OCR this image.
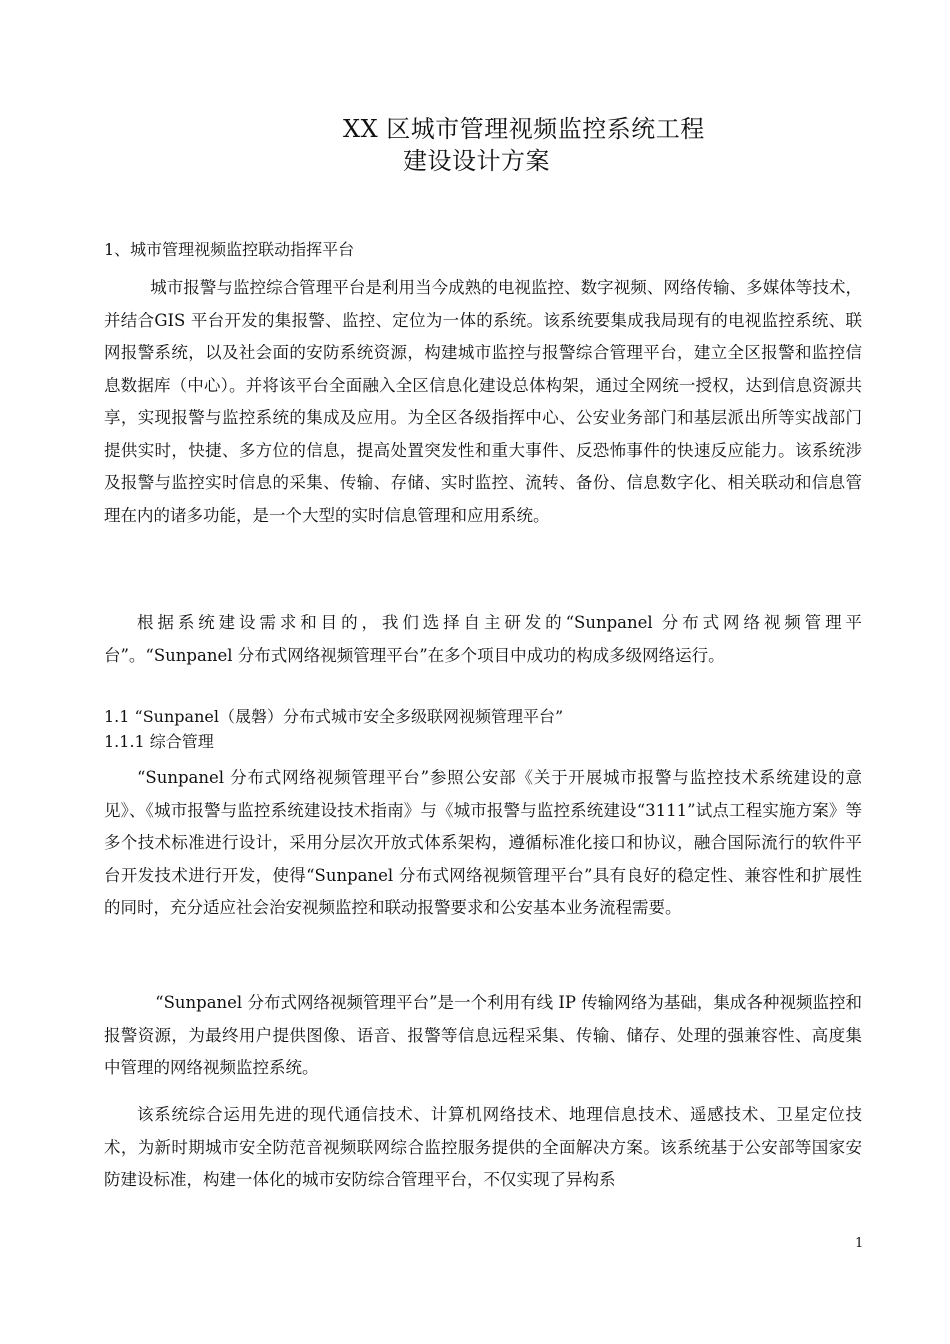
XX 区城市管理视频监控系统工程
建设设计方案
1、城市管理视频监控联动指挥平台

城市报警与监控综合管理平台是利用当今成熟的电视监控、数字视频、网络传输、多媒体等技术，并结合GIS 平台开发的集报警、监控、定位为一体的系统。该系统要集成我局现有的电视监控系统、联网报警系统，以及社会面的安防系统资源，构建城市监控与报警综合管理平台，建立全区报警和监控信息数据库（中心）。并将该平台全面融入全区信息化建设总体构架，通过全网统一授权，达到信息资源共享，实现报警与监控系统的集成及应用。为全区各级指挥中心、公安业务部门和基层派出所等实战部门提供实时，快捷、多方位的信息，提高处置突发性和重大事件、反恐怖事件的快速反应能力。该系统涉及报警与监控实时信息的采集、传输、存储、实时监控、流转、备份、信息数字化、相关联动和信息管理在内的诸多功能，是一个大型的实时信息管理和应用系统。

根据系统建设需求和目的，我们选择自主研发的“Sunpanel 分布式网络视频管理平台”。“Sunpanel 分布式网络视频管理平台”在多个项目中成功的构成多级网络运行。

1.1 “Sunpanel（晟磐）分布式城市安全多级联网视频管理平台”
1.1.1 综合管理

“Sunpanel 分布式网络视频管理平台”参照公安部《关于开展城市报警与监控技术系统建设的意见》、《城市报警与监控系统建设技术指南》与《城市报警与监控系统建设“3111”试点工程实施方案》等多个技术标准进行设计，采用分层次开放式体系架构，遵循标准化接口和协议，融合国际流行的软件平台开发技术进行开发，使得“Sunpanel 分布式网络视频管理平台”具有良好的稳定性、兼容性和扩展性的同时，充分适应社会治安视频监控和联动报警要求和公安基本业务流程需要。

“Sunpanel 分布式网络视频管理平台”是一个利用有线 IP 传输网络为基础，集成各种视频监控和报警资源，为最终用户提供图像、语音、报警等信息远程采集、传输、储存、处理的强兼容性、高度集中管理的网络视频监控系统。

该系统综合运用先进的现代通信技术、计算机网络技术、地理信息技术、遥感技术、卫星定位技术，为新时期城市安全防范音视频联网综合监控服务提供的全面解决方案。该系统基于公安部等国家安防建设标准，构建一体化的城市安防综合管理平台，不仅实现了异构系

1
